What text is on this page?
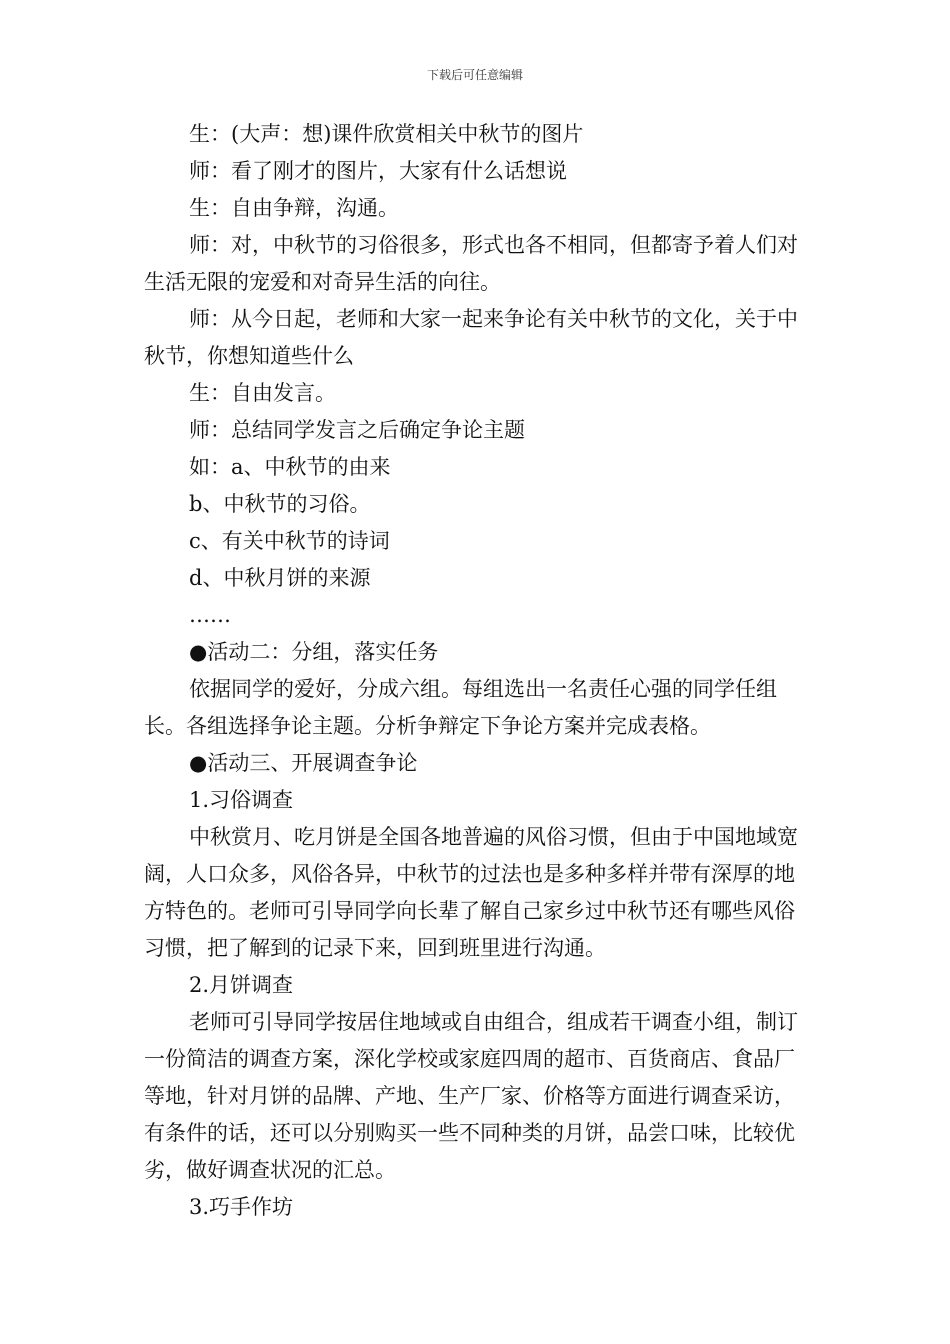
下载后可任意编辑

生：(大声：想)课件欣赏相关中秋节的图片

师：看了刚才的图片，大家有什么话想说

生：自由争辩，沟通。

师：对，中秋节的习俗很多，形式也各不相同，但都寄予着人们对生活无限的宠爱和对奇异生活的向往。

师：从今日起，老师和大家一起来争论有关中秋节的文化，关于中秋节，你想知道些什么

生：自由发言。

师：总结同学发言之后确定争论主题

如：a、中秋节的由来

b、中秋节的习俗。

c、有关中秋节的诗词

d、中秋月饼的来源

……

●活动二：分组，落实任务

依据同学的爱好，分成六组。每组选出一名责任心强的同学任组长。各组选择争论主题。分析争辩定下争论方案并完成表格。

●活动三、开展调查争论

1.习俗调查

中秋赏月、吃月饼是全国各地普遍的风俗习惯，但由于中国地域宽阔，人口众多，风俗各异，中秋节的过法也是多种多样并带有深厚的地方特色的。老师可引导同学向长辈了解自己家乡过中秋节还有哪些风俗习惯，把了解到的记录下来，回到班里进行沟通。

2.月饼调查

老师可引导同学按居住地域或自由组合，组成若干调查小组，制订一份简洁的调查方案，深化学校或家庭四周的超市、百货商店、食品厂等地，针对月饼的品牌、产地、生产厂家、价格等方面进行调查采访，有条件的话，还可以分别购买一些不同种类的月饼，品尝口味，比较优劣，做好调查状况的汇总。

3.巧手作坊
